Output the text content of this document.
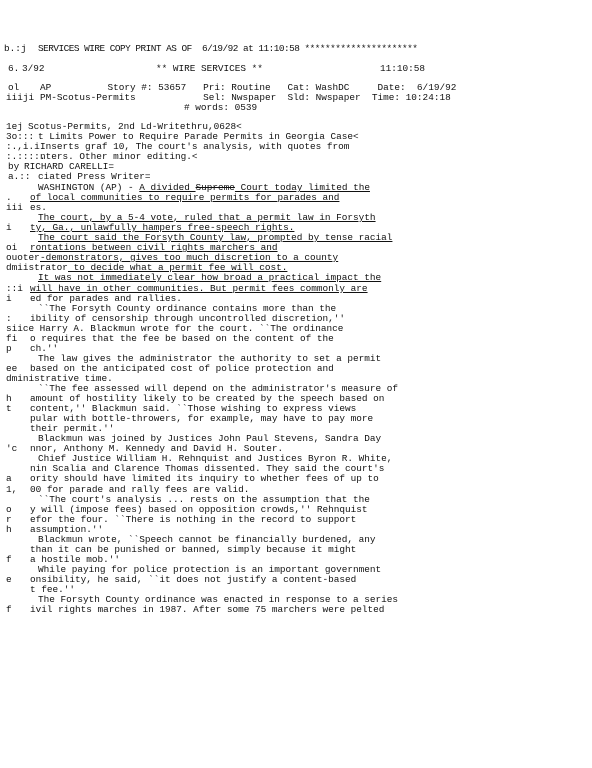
b.:j SERVICES WIRE COPY PRINT AS OF  6/19/92 at 11:10:58 **********************
6. 3/92	** WIRE SERVICES **	11:10:58
ol AP          Story #: 53657   Pri: Routine   Cat: WashDC     Date:  6/19/92
iiiji PM-Scotus-Permits            Sel: Nwspaper  Sld: Nwspaper  Time: 10:24:18
# words: 0539
1ej Scotus-Permits, 2nd Ld-Writethru,0628<
3o::: t Limits Power to Require Parade Permits in Georgia Case<
:.,i.i Inserts graf 10, The court's analysis, with quotes from
:.::::.
nters. Other minor editing.<
by RICHARD CARELLI=
a.:: ciated Press Writer=
WASHINGTON (AP) - A divided Supreme Court today limited the
. of local communities to require permits for parades and
iii es.
The court, by a 5-4 vote, ruled that a permit law in Forsyth
i ty, Ga., unlawfully hampers free-speech rights.
The court said the Forsyth County law, prompted by tense racial
oi rontations between civil rights marchers and
ouoter -demonstrators, gives too much discretion to a county
dmiistrator to decide what a permit fee will cost.
It was not immediately clear how broad a practical impact the
::i will have in other communities. But permit fees commonly are
i ed for parades and rallies.
``The Forsyth County ordinance contains more than the
: ibility of censorship through uncontrolled discretion,''
siice Harry A. Blackmun wrote for the court. ``The ordinance
fi o requires that the fee be based on the content of the
p ch.''
The law gives the administrator the authority to set a permit
ee based on the anticipated cost of police protection and
dministrative time.
``The fee assessed will depend on the administrator's measure of
h amount of hostility likely to be created by the speech based on
t content,'' Blackmun said. ``Those wishing to express views
pular with bottle-throwers, for example, may have to pay more
their permit.''
Blackmun was joined by Justices John Paul Stevens, Sandra Day
'c nnor, Anthony M. Kennedy and David H. Souter.
Chief Justice William H. Rehnquist and Justices Byron R. White,
nin Scalia and Clarence Thomas dissented. They said the court's
a ority should have limited its inquiry to whether fees of up to
1, 00 for parade and rally fees are valid.
``The court's analysis ... rests on the assumption that the
o y will (impose fees) based on opposition crowds,'' Rehnquist
r efor the four. ``There is nothing in the record to support
h assumption.''
Blackmun wrote, ``Speech cannot be financially burdened, any
than it can be punished or banned, simply because it might
f a hostile mob.''
While paying for police protection is an important government
e onsibility, he said, ``it does not justify a content-based
t fee.''
The Forsyth County ordinance was enacted in response to a series
f ivil rights marches in 1987. After some 75 marchers were pelted
